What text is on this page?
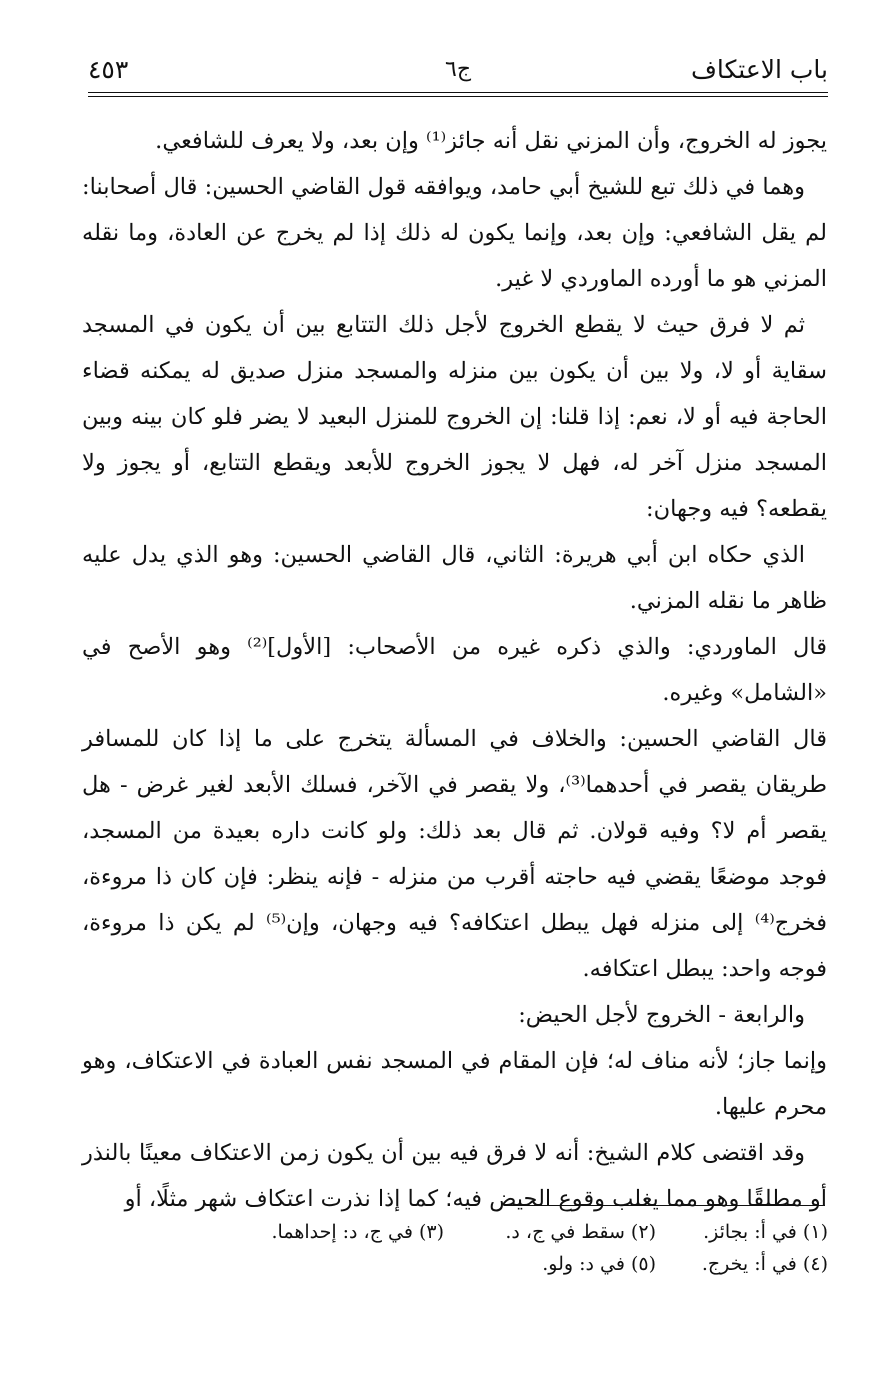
باب الاعتكاف
ج٦
٤٥٣

يجوز له الخروج، وأن المزني نقل أنه جائز⁽¹⁾ وإن بعد، ولا يعرف للشافعي.

وهما في ذلك تبع للشيخ أبي حامد، ويوافقه قول القاضي الحسين: قال أصحابنا: لم يقل الشافعي: وإن بعد، وإنما يكون له ذلك إذا لم يخرج عن العادة، وما نقله المزني هو ما أورده الماوردي لا غير.

ثم لا فرق حيث لا يقطع الخروج لأجل ذلك التتابع بين أن يكون في المسجد سقاية أو لا، ولا بين أن يكون بين منزله والمسجد منزل صديق له يمكنه قضاء الحاجة فيه أو لا، نعم: إذا قلنا: إن الخروج للمنزل البعيد لا يضر فلو كان بينه وبين المسجد منزل آخر له، فهل لا يجوز الخروج للأبعد ويقطع التتابع، أو يجوز ولا يقطعه؟ فيه وجهان:

الذي حكاه ابن أبي هريرة: الثاني، قال القاضي الحسين: وهو الذي يدل عليه ظاهر ما نقله المزني.

قال الماوردي: والذي ذكره غيره من الأصحاب: [الأول]⁽²⁾ وهو الأصح في «الشامل» وغيره.

قال القاضي الحسين: والخلاف في المسألة يتخرج على ما إذا كان للمسافر طريقان يقصر في أحدهما⁽³⁾، ولا يقصر في الآخر، فسلك الأبعد لغير غرض - هل يقصر أم لا؟ وفيه قولان. ثم قال بعد ذلك: ولو كانت داره بعيدة من المسجد، فوجد موضعًا يقضي فيه حاجته أقرب من منزله - فإنه ينظر: فإن كان ذا مروءة، فخرج⁽⁴⁾ إلى منزله فهل يبطل اعتكافه؟ فيه وجهان، وإن⁽⁵⁾ لم يكن ذا مروءة، فوجه واحد: يبطل اعتكافه.

والرابعة - الخروج لأجل الحيض:

وإنما جاز؛ لأنه مناف له؛ فإن المقام في المسجد نفس العبادة في الاعتكاف، وهو محرم عليها.

وقد اقتضى كلام الشيخ: أنه لا فرق فيه بين أن يكون زمن الاعتكاف معينًا بالنذر أو مطلقًا وهو مما يغلب وقوع الحيض فيه؛ كما إذا نذرت اعتكاف شهر مثلًا، أو

(١) في أ: بجائز.
(٢) سقط في ج، د.
(٣) في ج، د: إحداهما.
(٤) في أ: يخرج.
(٥) في د: ولو.
